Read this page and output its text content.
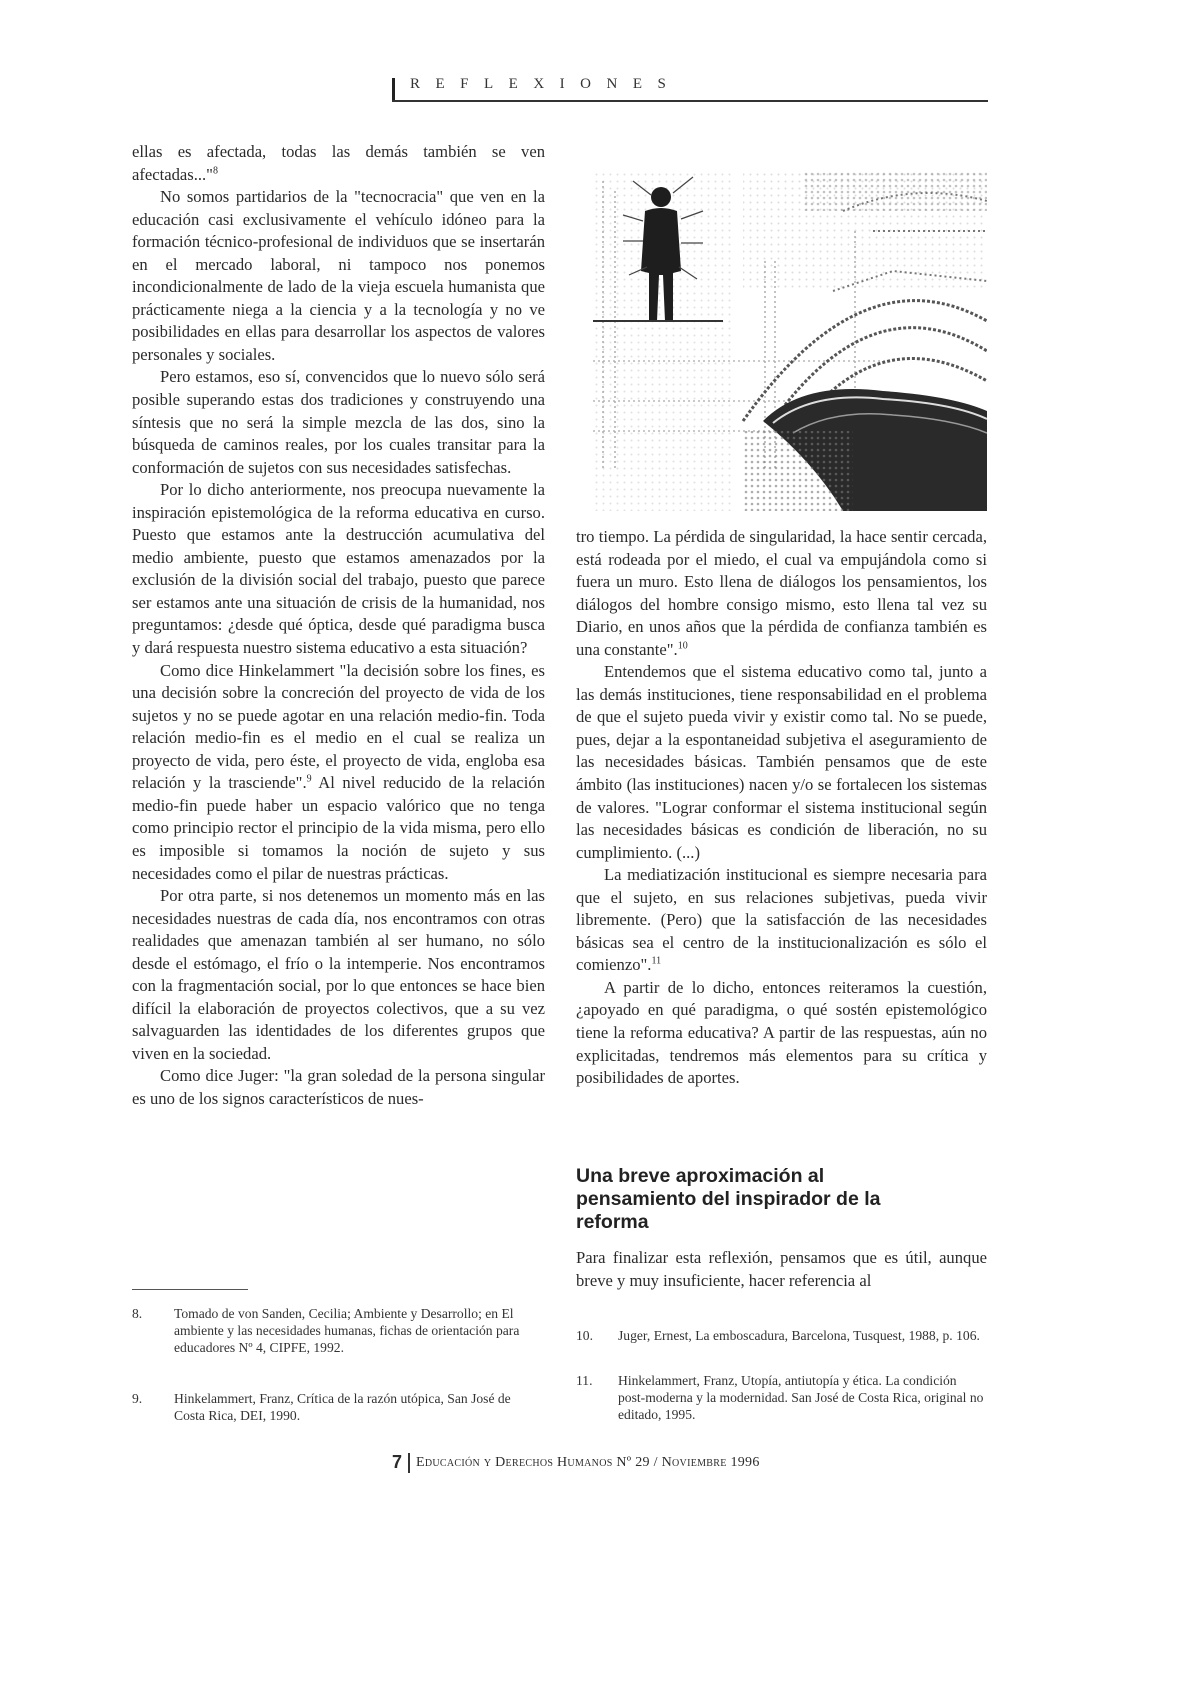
REFLEXIONES

ellas es afectada, todas las demás también se ven afectadas..."$^8$

No somos partidarios de la "tecnocracia" que ven en la educación casi exclusivamente el vehículo idóneo para la formación técnico-profesional de individuos que se insertarán en el mercado laboral, ni tampoco nos ponemos incondicionalmente de lado de la vieja escuela humanista que prácticamente niega a la ciencia y a la tecnología y no ve posibilidades en ellas para desarrollar los aspectos de valores personales y sociales.

Pero estamos, eso sí, convencidos que lo nuevo sólo será posible superando estas dos tradiciones y construyendo una síntesis que no será la simple mezcla de las dos, sino la búsqueda de caminos reales, por los cuales transitar para la conformación de sujetos con sus necesidades satisfechas.

Por lo dicho anteriormente, nos preocupa nuevamente la inspiración epistemológica de la reforma educativa en curso. Puesto que estamos ante la destrucción acumulativa del medio ambiente, puesto que estamos amenazados por la exclusión de la división social del trabajo, puesto que parece ser estamos ante una situación de crisis de la humanidad, nos preguntamos: ¿desde qué óptica, desde qué paradigma busca y dará respuesta nuestro sistema educativo a esta situación?

Como dice Hinkelammert "la decisión sobre los fines, es una decisión sobre la concreción del proyecto de vida de los sujetos y no se puede agotar en una relación medio-fin. Toda relación medio-fin es el medio en el cual se realiza un proyecto de vida, pero éste, el proyecto de vida, engloba esa relación y la trasciende".$^9$ Al nivel reducido de la relación medio-fin puede haber un espacio valórico que no tenga como principio rector el principio de la vida misma, pero ello es imposible si tomamos la noción de sujeto y sus necesidades como el pilar de nuestras prácticas.

Por otra parte, si nos detenemos un momento más en las necesidades nuestras de cada día, nos encontramos con otras realidades que amenazan también al ser humano, no sólo desde el estómago, el frío o la intemperie. Nos encontramos con la fragmentación social, por lo que entonces se hace bien difícil la elaboración de proyectos colectivos, que a su vez salvaguarden las identidades de los diferentes grupos que viven en la sociedad.

Como dice Juger: "la gran soledad de la persona singular es uno de los signos característicos de nues-

tro tiempo. La pérdida de singularidad, la hace sentir cercada, está rodeada por el miedo, el cual va empujándola como si fuera un muro. Esto llena de diálogos los pensamientos, los diálogos del hombre consigo mismo, esto llena tal vez su Diario, en unos años que la pérdida de confianza también es una constante".$^{10}$

Entendemos que el sistema educativo como tal, junto a las demás instituciones, tiene responsabilidad en el problema de que el sujeto pueda vivir y existir como tal. No se puede, pues, dejar a la espontaneidad subjetiva el aseguramiento de las necesidades básicas. También pensamos que de este ámbito (las instituciones) nacen y/o se fortalecen los sistemas de valores. "Lograr conformar el sistema institucional según las necesidades básicas es condición de liberación, no su cumplimiento. (...)

La mediatización institucional es siempre necesaria para que el sujeto, en sus relaciones subjetivas, pueda vivir libremente. (Pero) que la satisfacción de las necesidades básicas sea el centro de la institucionalización es sólo el comienzo".$^{11}$

A partir de lo dicho, entonces reiteramos la cuestión, ¿apoyado en qué paradigma, o qué sostén epistemológico tiene la reforma educativa? A partir de las respuestas, aún no explicitadas, tendremos más elementos para su crítica y posibilidades de aportes.

Una breve aproximación al pensamiento del inspirador de la reforma

Para finalizar esta reflexión, pensamos que es útil, aunque breve y muy insuficiente, hacer referencia al

8. Tomado de von Sanden, Cecilia; Ambiente y Desarrollo; en El ambiente y las necesidades humanas, fichas de orientación para educadores Nº 4, CIPFE, 1992.
9. Hinkelammert, Franz, Crítica de la razón utópica, San José de Costa Rica, DEI, 1990.
10. Juger, Ernest, La emboscadura, Barcelona, Tusquest, 1988, p. 106.
11. Hinkelammert, Franz, Utopía, antiutopía y ética. La condición post-moderna y la modernidad. San José de Costa Rica, original no editado, 1995.
7 Educación y Derechos Humanos Nº 29 / Noviembre 1996
